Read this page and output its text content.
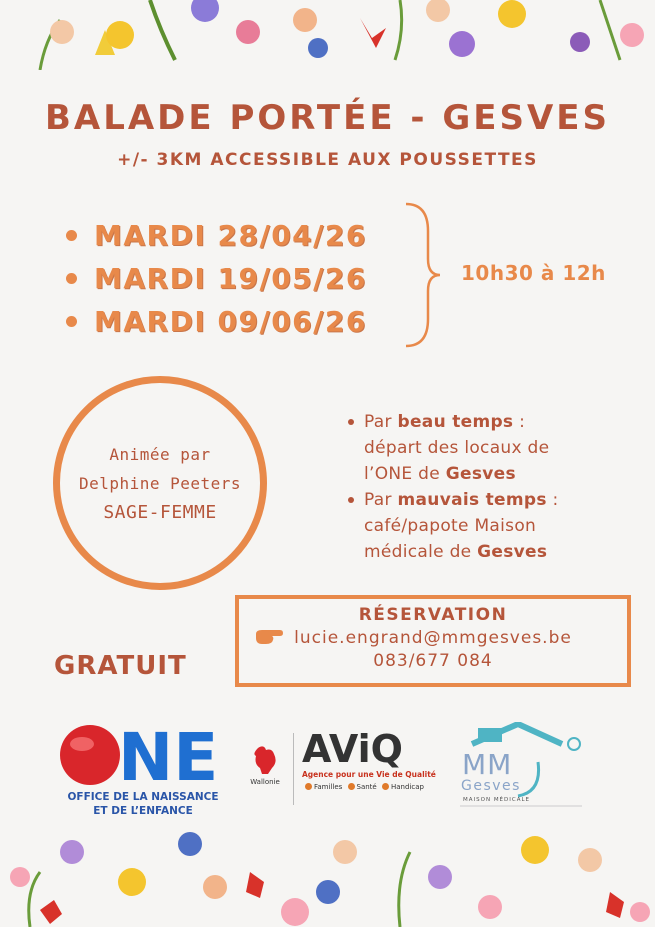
BALADE PORTÉE - GESVES
+/- 3KM ACCESSIBLE AUX POUSSETTES
MARDI 28/04/26
MARDI 19/05/26
MARDI 09/06/26
10h30 à 12h
Animée par
Delphine Peeters
SAGE-FEMME
Par beau temps :
départ des locaux de
l’ONE de Gesves
Par mauvais temps :
café/papote Maison
médicale de Gesves
RÉSERVATION
lucie.engrand@mmgesves.be
083/677 084
GRATUIT
NE
OFFICE DE LA NAISSANCE
ET DE L’ENFANCE
Wallonie
AViQ
Agence pour une Vie de Qualité
Familles Santé Handicap
MM
Gesves
MAISON MÉDICALE
